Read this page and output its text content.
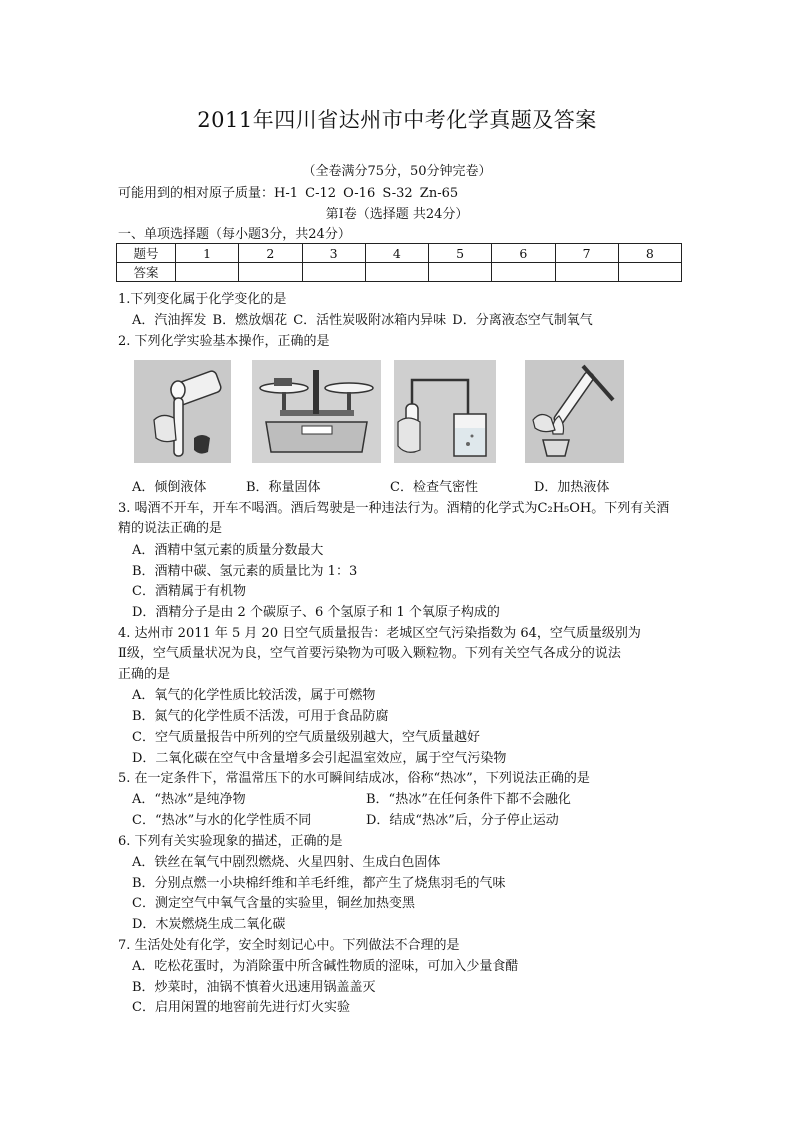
2011年四川省达州市中考化学真题及答案
（全卷满分75分，50分钟完卷）
可能用到的相对原子质量：H-1 C-12 O-16 S-32 Zn-65
第Ⅰ卷（选择题 共24分）
一、单项选择题（每小题3分，共24分）
题号	1	2	3	4	5	6	7	8
答案								
1.下列变化属于化学变化的是
A．汽油挥发 B．燃放烟花 C．活性炭吸附冰箱内异味 D．分离液态空气制氧气
2. 下列化学实验基本操作，正确的是
A．倾倒液体	B．称量固体	C．检查气密性	D．加热液体
3. 喝酒不开车，开车不喝酒。酒后驾驶是一种违法行为。酒精的化学式为C₂H₅OH。下列有关酒
精的说法正确的是
A．酒精中氢元素的质量分数最大
B．酒精中碳、氢元素的质量比为 1：3
C．酒精属于有机物
D．酒精分子是由 2 个碳原子、6 个氢原子和 1 个氧原子构成的
4. 达州市 2011 年 5 月 20 日空气质量报告：老城区空气污染指数为 64，空气质量级别为
Ⅱ级，空气质量状况为良，空气首要污染物为可吸入颗粒物。下列有关空气各成分的说法
正确的是
A．氧气的化学性质比较活泼，属于可燃物
B．氮气的化学性质不活泼，可用于食品防腐
C．空气质量报告中所列的空气质量级别越大，空气质量越好
D．二氧化碳在空气中含量增多会引起温室效应，属于空气污染物
5. 在一定条件下，常温常压下的水可瞬间结成冰，俗称“热冰”，下列说法正确的是
A．“热冰”是纯净物	B．“热冰”在任何条件下都不会融化
C．“热冰”与水的化学性质不同	D．结成“热冰”后，分子停止运动
6. 下列有关实验现象的描述，正确的是
A．铁丝在氧气中剧烈燃烧、火星四射、生成白色固体
B．分别点燃一小块棉纤维和羊毛纤维，都产生了烧焦羽毛的气味
C．测定空气中氧气含量的实验里，铜丝加热变黑
D．木炭燃烧生成二氧化碳
7. 生活处处有化学，安全时刻记心中。下列做法不合理的是
A．吃松花蛋时，为消除蛋中所含碱性物质的涩味，可加入少量食醋
B．炒菜时，油锅不慎着火迅速用锅盖盖灭
C．启用闲置的地窖前先进行灯火实验
